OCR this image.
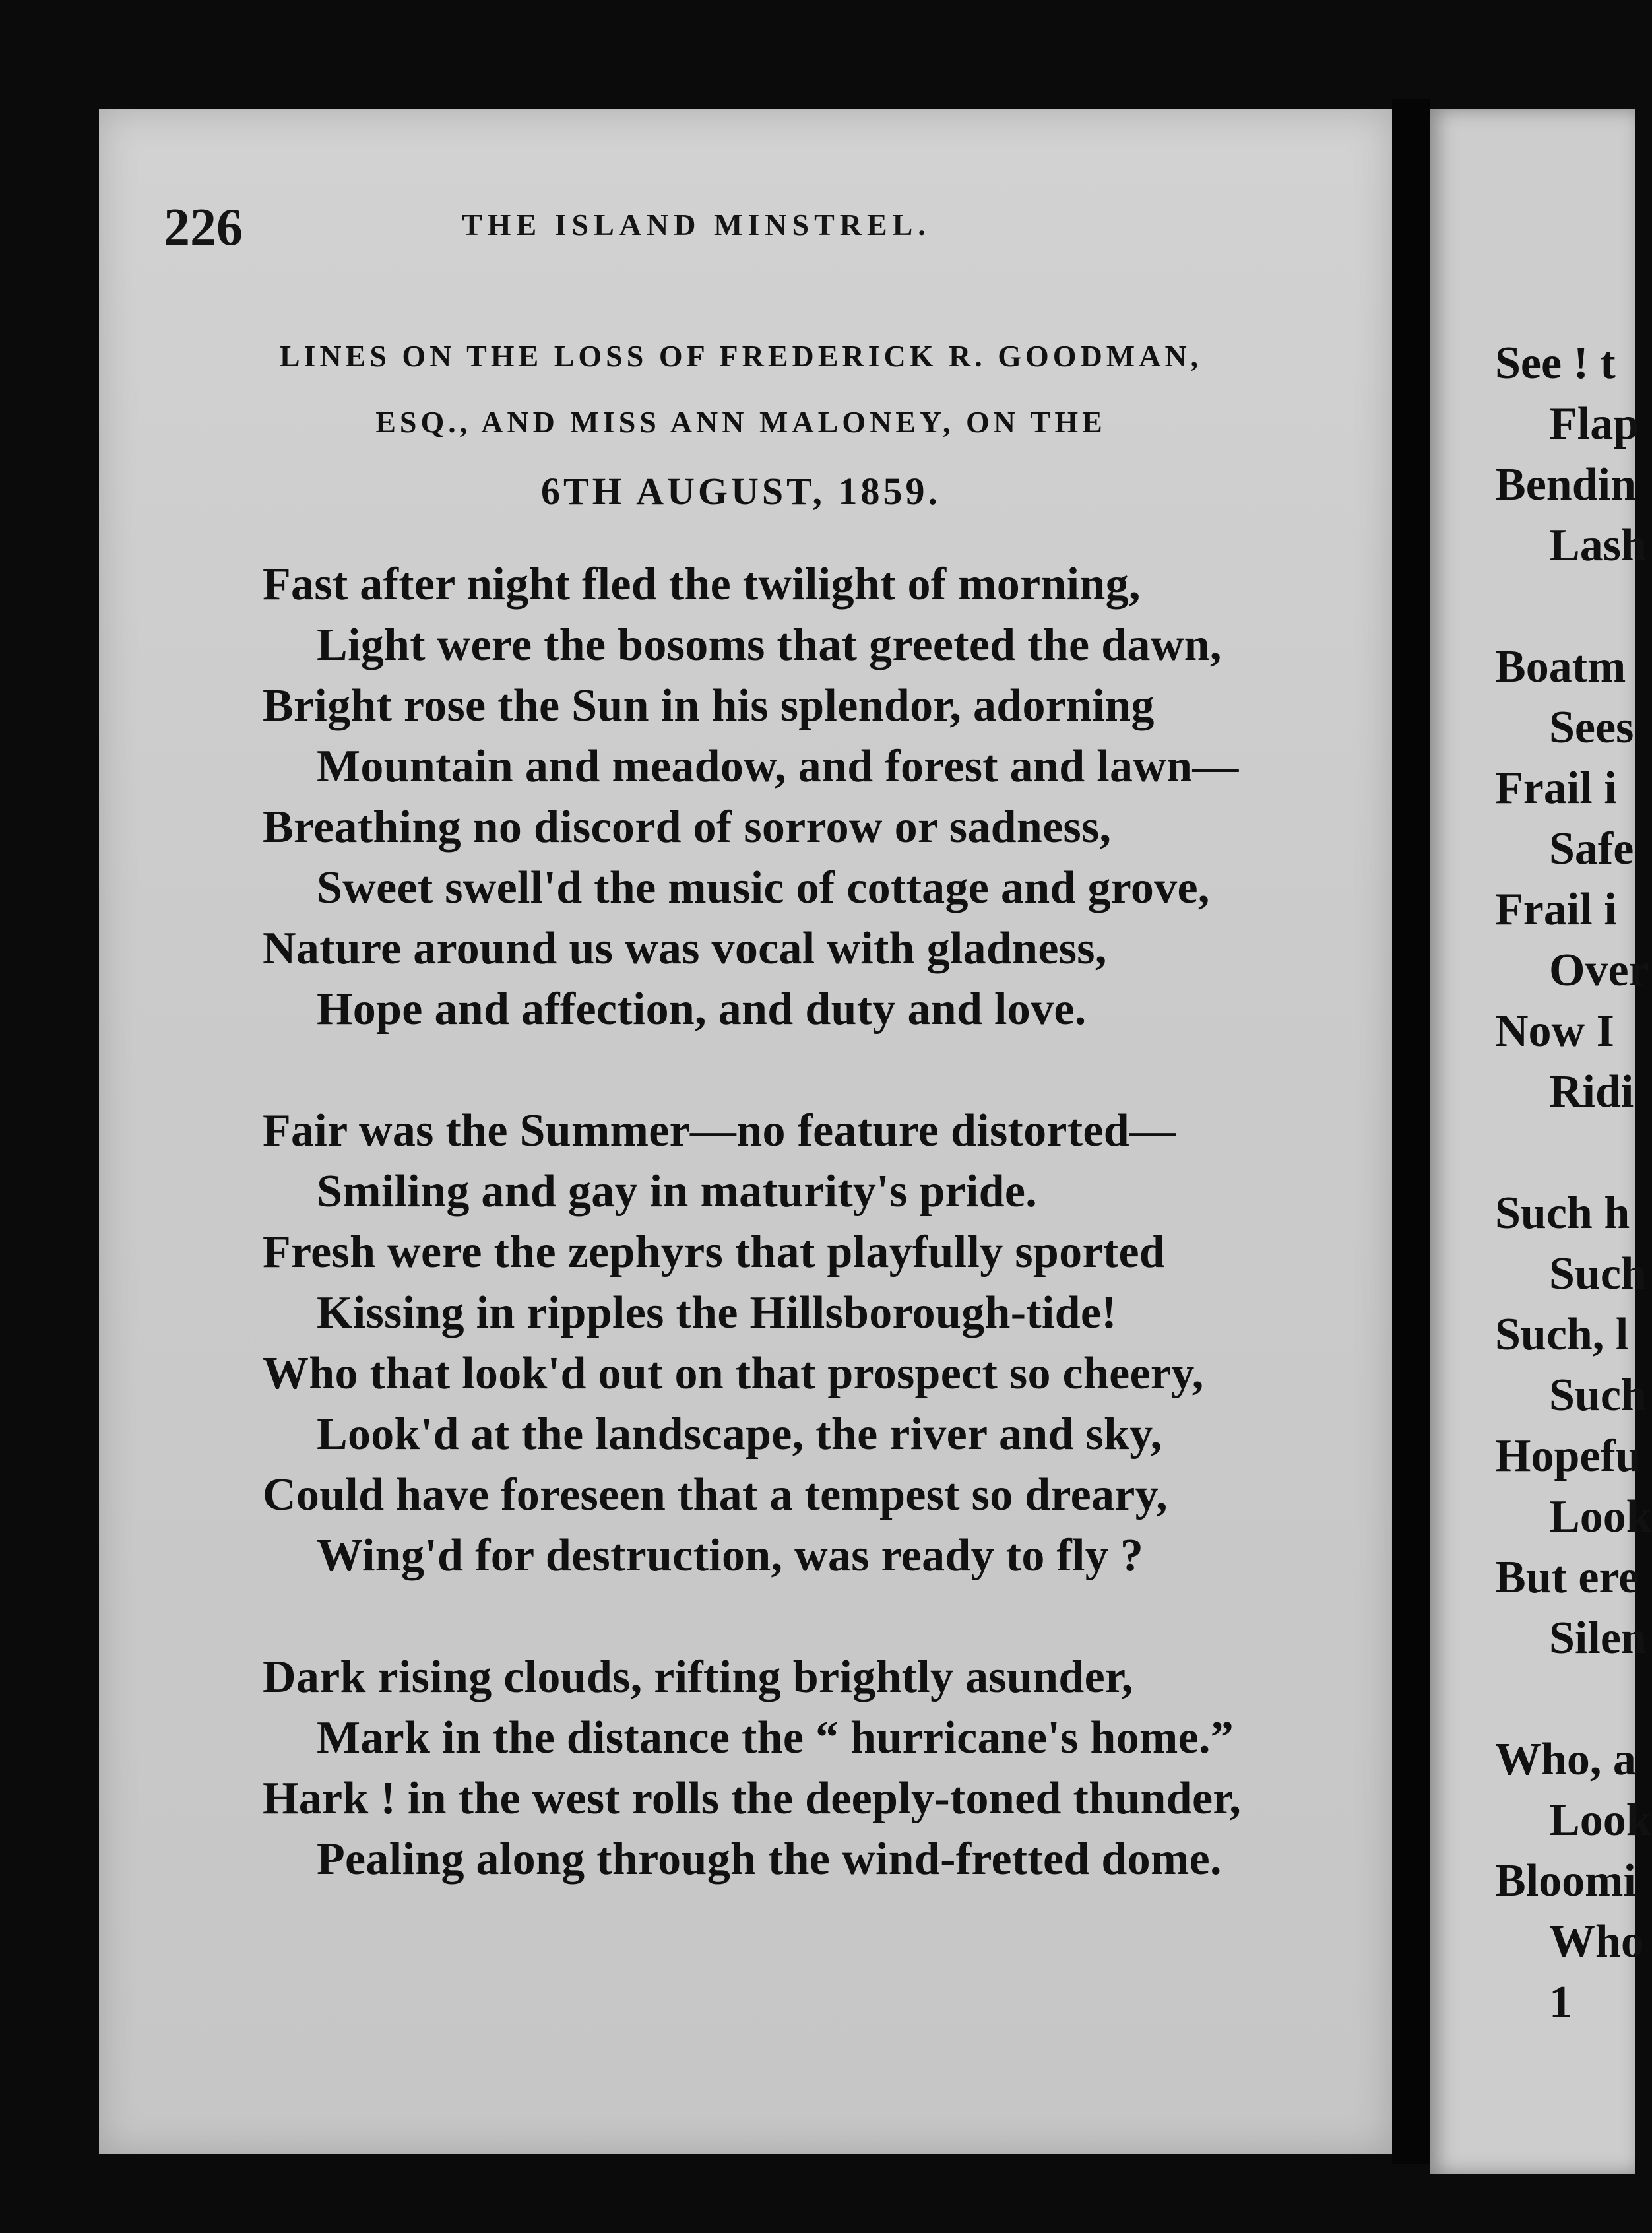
See ! t
Flap
Bendin
Lash
Boatm
Sees
Frail i
Safe
Frail i
Over
Now I
Ridi
Such h
Such
Such, l
Such
Hopefu
Look
But ere
Silen
Who, a
Look
Bloomi
Who
1
226	THE ISLAND MINSTREL.
LINES ON THE LOSS OF FREDERICK R. GOODMAN,
ESQ., AND MISS ANN MALONEY, ON THE
6TH AUGUST, 1859.
Fast after night fled the twilight of morning,
Light were the bosoms that greeted the dawn,
Bright rose the Sun in his splendor, adorning
Mountain and meadow, and forest and lawn—
Breathing no discord of sorrow or sadness,
Sweet swell'd the music of cottage and grove,
Nature around us was vocal with gladness,
Hope and affection, and duty and love.
Fair was the Summer—no feature distorted—
Smiling and gay in maturity's pride.
Fresh were the zephyrs that playfully sported
Kissing in ripples the Hillsborough-tide!
Who that look'd out on that prospect so cheery,
Look'd at the landscape, the river and sky,
Could have foreseen that a tempest so dreary,
Wing'd for destruction, was ready to fly ?
Dark rising clouds, rifting brightly asunder,
Mark in the distance the “ hurricane's home.”
Hark ! in the west rolls the deeply-toned thunder,
Pealing along through the wind-fretted dome.
